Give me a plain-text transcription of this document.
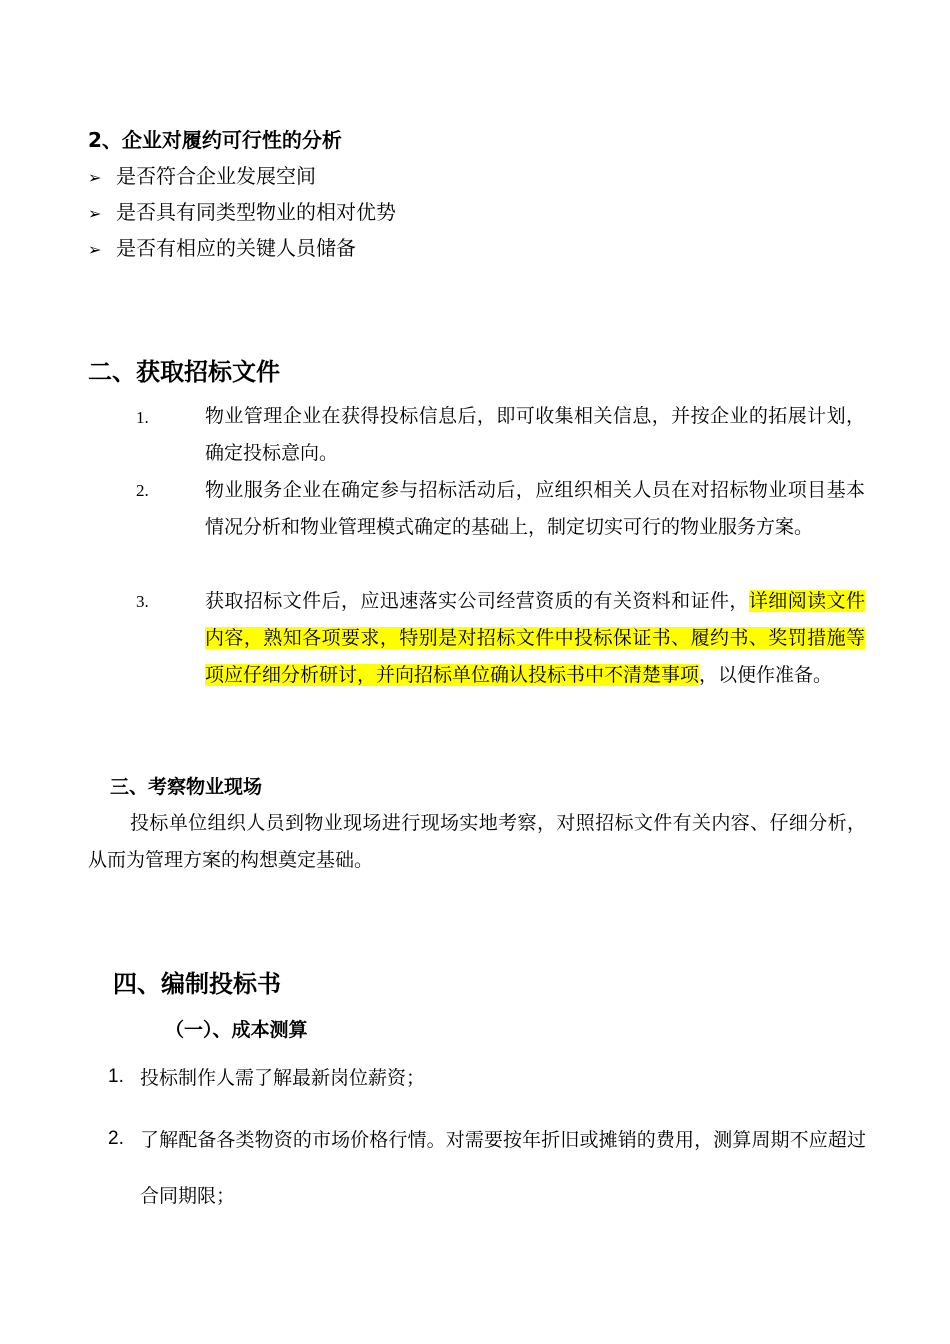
2、企业对履约可行性的分析
➢ 是否符合企业发展空间
➢ 是否具有同类型物业的相对优势
➢ 是否有相应的关键人员储备
二、获取招标文件
1.	物业管理企业在获得投标信息后，即可收集相关信息，并按企业的拓展计划，确定投标意向。
2.	物业服务企业在确定参与招标活动后，应组织相关人员在对招标物业项目基本情况分析和物业管理模式确定的基础上，制定切实可行的物业服务方案。
3.	获取招标文件后，应迅速落实公司经营资质的有关资料和证件，详细阅读文件内容，熟知各项要求，特别是对招标文件中投标保证书、履约书、奖罚措施等项应仔细分析研讨，并向招标单位确认投标书中不清楚事项，以便作准备。
三、考察物业现场
投标单位组织人员到物业现场进行现场实地考察，对照招标文件有关内容、仔细分析，从而为管理方案的构想奠定基础。
四、编制投标书
（一）、成本测算
1. 投标制作人需了解最新岗位薪资；
2. 了解配备各类物资的市场价格行情。对需要按年折旧或摊销的费用，测算周期不应超过合同期限；
